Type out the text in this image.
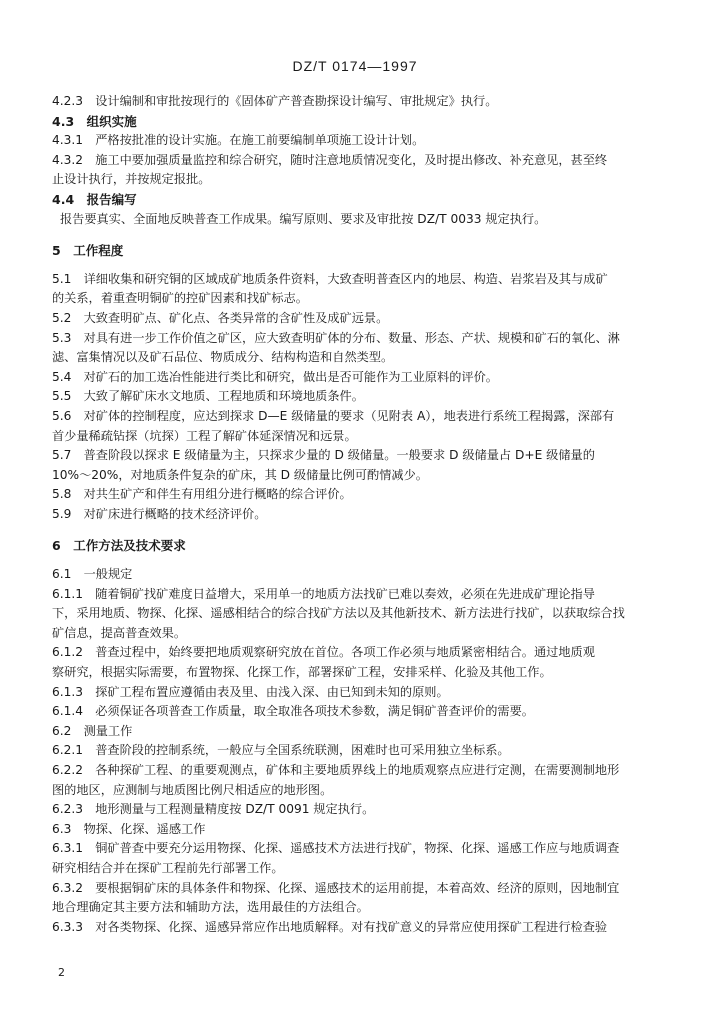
DZ/T 0174—1997
4.2.3　设计编制和审批按现行的《固体矿产普查勘探设计编写、审批规定》执行。
4.3　组织实施
4.3.1　严格按批准的设计实施。在施工前要编制单项施工设计计划。
4.3.2　施工中要加强质量监控和综合研究，随时注意地质情况变化，及时提出修改、补充意见，甚至终
止设计执行，并按规定报批。
4.4　报告编写
报告要真实、全面地反映普查工作成果。编写原则、要求及审批按 DZ/T 0033 规定执行。
5　工作程度
5.1　详细收集和研究铜的区域成矿地质条件资料，大致查明普查区内的地层、构造、岩浆岩及其与成矿
的关系，着重查明铜矿的控矿因素和找矿标志。
5.2　大致查明矿点、矿化点、各类异常的含矿性及成矿远景。
5.3　对具有进一步工作价值之矿区，应大致查明矿体的分布、数量、形态、产状、规模和矿石的氧化、淋
滤、富集情况以及矿石品位、物质成分、结构构造和自然类型。
5.4　对矿石的加工选冶性能进行类比和研究，做出是否可能作为工业原料的评价。
5.5　大致了解矿床水文地质、工程地质和环境地质条件。
5.6　对矿体的控制程度，应达到探求 D—E 级储量的要求（见附表 A），地表进行系统工程揭露，深部有
首少量稀疏钻探（坑探）工程了解矿体延深情况和远景。
5.7　普查阶段以探求 E 级储量为主，只探求少量的 D 级储量。一般要求 D 级储量占 D+E 级储量的
10%～20%，对地质条件复杂的矿床，其 D 级储量比例可酌情减少。
5.8　对共生矿产和伴生有用组分进行概略的综合评价。
5.9　对矿床进行概略的技术经济评价。
6　工作方法及技术要求
6.1　一般规定
6.1.1　随着铜矿找矿难度日益增大，采用单一的地质方法找矿已难以奏效，必须在先进成矿理论指导
下，采用地质、物探、化探、遥感相结合的综合找矿方法以及其他新技术、新方法进行找矿，以获取综合找
矿信息，提高普查效果。
6.1.2　普查过程中，始终要把地质观察研究放在首位。各项工作必须与地质紧密相结合。通过地质观
察研究，根据实际需要，布置物探、化探工作，部署探矿工程，安排采样、化验及其他工作。
6.1.3　探矿工程布置应遵循由表及里、由浅入深、由已知到未知的原则。
6.1.4　必须保证各项普查工作质量，取全取准各项技术参数，满足铜矿普查评价的需要。
6.2　测量工作
6.2.1　普查阶段的控制系统，一般应与全国系统联测，困难时也可采用独立坐标系。
6.2.2　各种探矿工程、的重要观测点，矿体和主要地质界线上的地质观察点应进行定测，在需要测制地形
图的地区，应测制与地质图比例尺相适应的地形图。
6.2.3　地形测量与工程测量精度按 DZ/T 0091 规定执行。
6.3　物探、化探、遥感工作
6.3.1　铜矿普查中要充分运用物探、化探、遥感技术方法进行找矿，物探、化探、遥感工作应与地质调查
研究相结合并在探矿工程前先行部署工作。
6.3.2　要根据铜矿床的具体条件和物探、化探、遥感技术的运用前提，本着高效、经济的原则，因地制宜
地合理确定其主要方法和辅助方法，选用最佳的方法组合。
6.3.3　对各类物探、化探、遥感异常应作出地质解释。对有找矿意义的异常应使用探矿工程进行检查验
2
